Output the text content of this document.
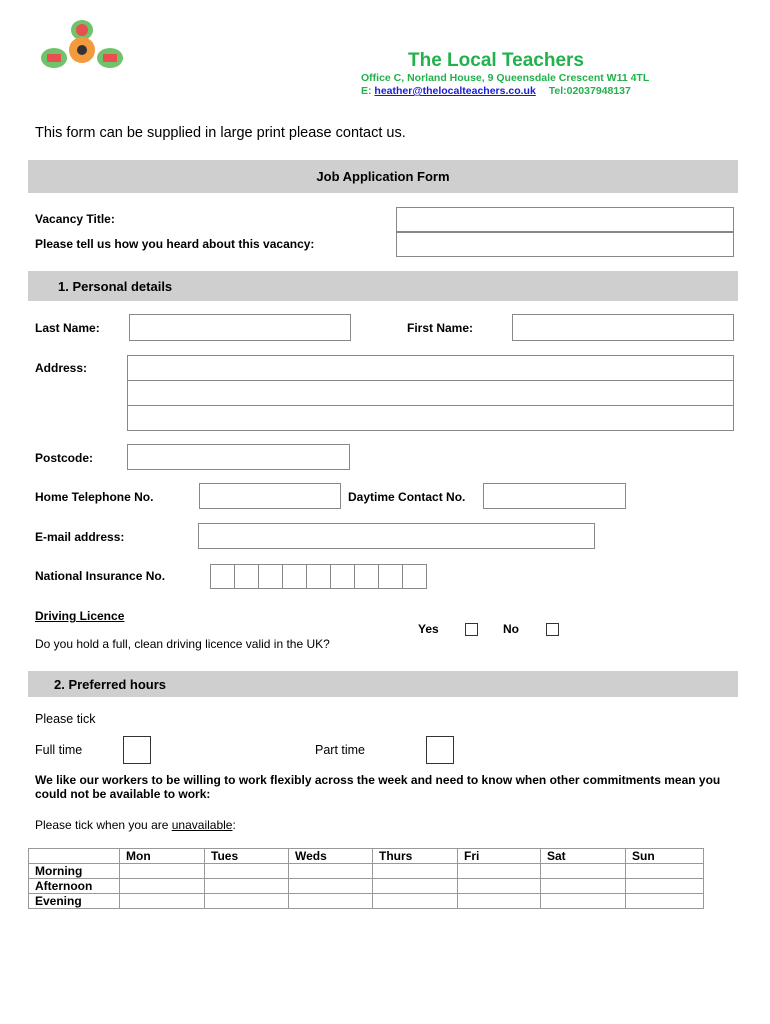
The Local Teachers
Office C, Norland House, 9 Queensdale Crescent W11 4TL
E: heather@thelocalteachers.co.uk Tel:02037948137
This form can be supplied in large print please contact us.
Job Application Form
Vacancy Title:
Please tell us how you heard about this vacancy:
1. Personal details
Last Name:	First Name:
Address:
Postcode:
Home Telephone No.	Daytime Contact No.
E-mail address:
National Insurance No.
Driving Licence
Do you hold a full, clean driving licence valid in the UK?
Yes	No
2. Preferred hours
Please tick
Full time	Part time
We like our workers to be willing to work flexibly across the week and need to know when other commitments mean you could not be available to work:
Please tick when you are unavailable:
	Mon	Tues	Weds	Thurs	Fri	Sat	Sun
Morning							
Afternoon							
Evening							
